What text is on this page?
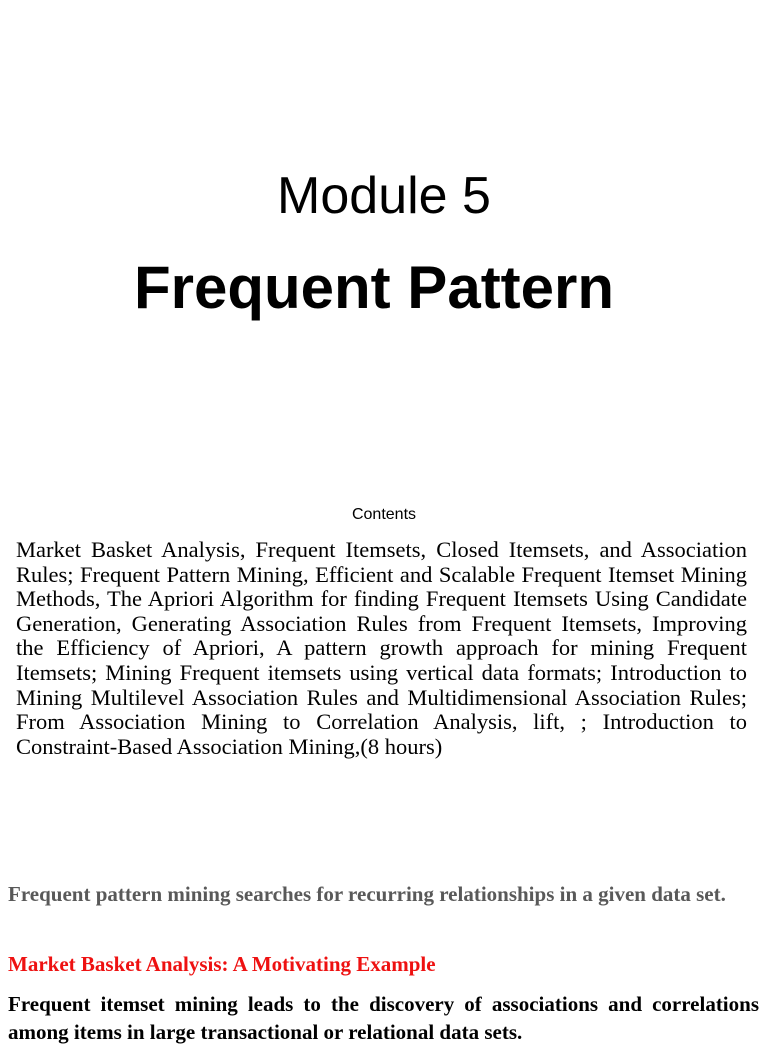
Module 5
Frequent Pattern
Contents
Market Basket Analysis, Frequent Itemsets, Closed Itemsets, and Association Rules; Frequent Pattern Mining, Efficient and Scalable Frequent Itemset Mining Methods, The Apriori Algorithm for finding Frequent Itemsets Using Candidate Generation, Generating Association Rules from Frequent Itemsets, Improving the Efficiency of Apriori, A pattern growth approach for mining Frequent Itemsets; Mining Frequent itemsets using vertical data formats; Introduction to Mining Multilevel Association Rules and Multidimensional Association Rules; From Association Mining to Correlation Analysis, lift, ; Introduction to Constraint-Based Association Mining,(8 hours)
Frequent pattern mining searches for recurring relationships in a given data set.
Market Basket Analysis: A Motivating Example
Frequent itemset mining leads to the discovery of associations and correlations among items in large transactional or relational data sets.
